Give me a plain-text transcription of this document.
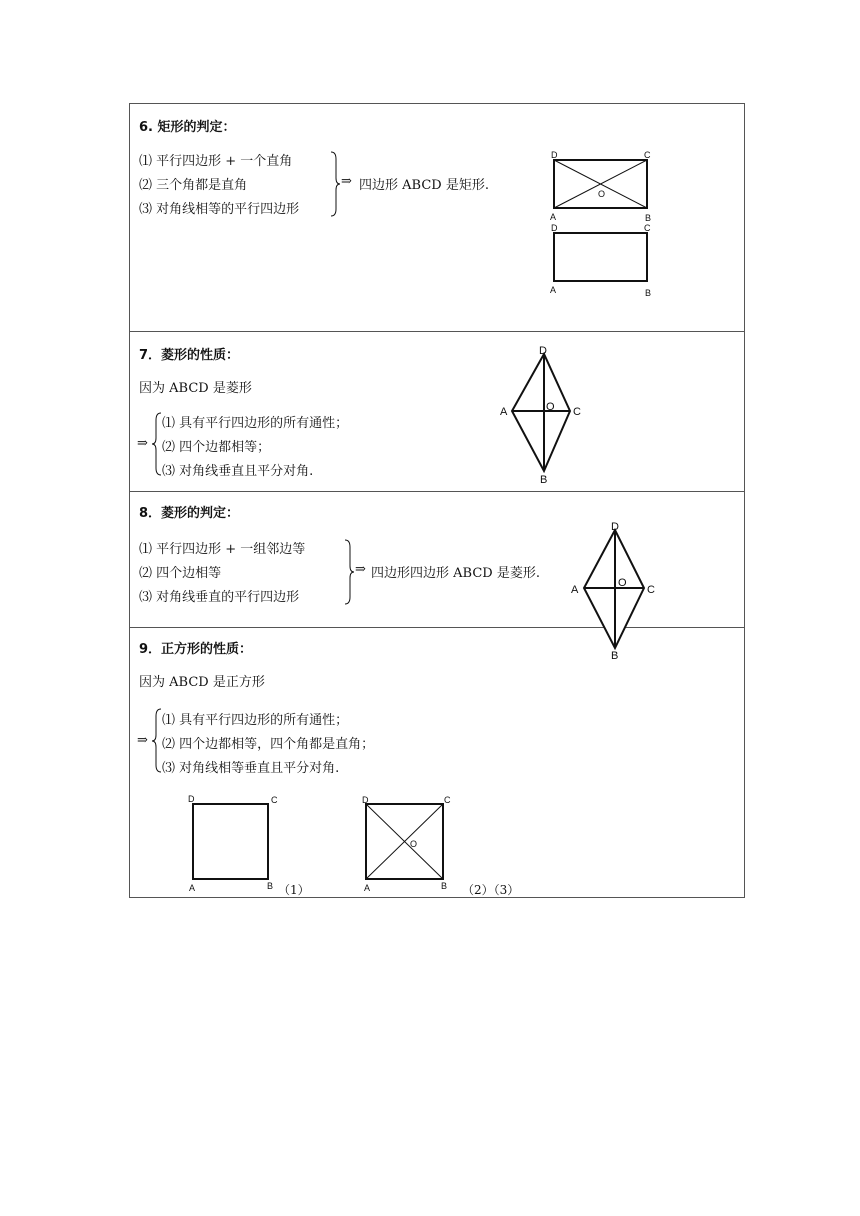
6. 矩形的判定：
⑴ 平行四边形 + 一个直角
⑵ 三个角都是直角
⑶ 对角线相等的平行四边形
⇒ 四边形 ABCD 是矩形.
D	C
O
A	B
D	C
A	B
7．菱形的性质：
因为 ABCD 是菱形
⇒
⑴ 具有平行四边形的所有通性；
⑵ 四个边都相等；
⑶ 对角线垂直且平分对角.
D
A	O C
B
8．菱形的判定：
⑴ 平行四边形 + 一组邻边等
⑵ 四个边相等
⑶ 对角线垂直的平行四边形
⇒ 四边形四边形 ABCD 是菱形.
D
A
O
C
B
9．正方形的性质：
因为 ABCD 是正方形
⇒
⑴ 具有平行四边形的所有通性；
⑵ 四个边都相等，四个角都是直角；
⑶ 对角线相等垂直且平分对角.
D	C
A	B （1）
D	C
O
A	B （2）（3）
